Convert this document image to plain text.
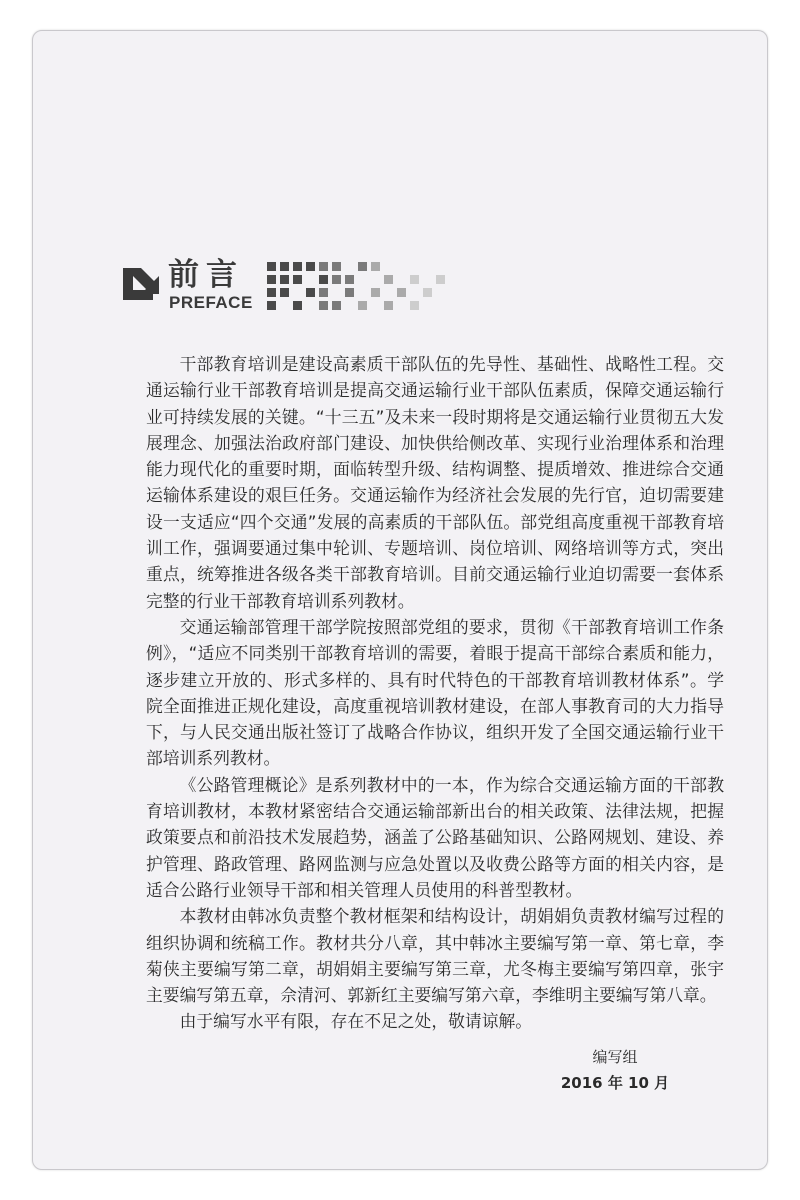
前言
PREFACE

干部教育培训是建设高素质干部队伍的先导性、基础性、战略性工程。交通运输行业干部教育培训是提高交通运输行业干部队伍素质，保障交通运输行业可持续发展的关键。“十三五”及未来一段时期将是交通运输行业贯彻五大发展理念、加强法治政府部门建设、加快供给侧改革、实现行业治理体系和治理能力现代化的重要时期，面临转型升级、结构调整、提质增效、推进综合交通运输体系建设的艰巨任务。交通运输作为经济社会发展的先行官，迫切需要建设一支适应“四个交通”发展的高素质的干部队伍。部党组高度重视干部教育培训工作，强调要通过集中轮训、专题培训、岗位培训、网络培训等方式，突出重点，统筹推进各级各类干部教育培训。目前交通运输行业迫切需要一套体系完整的行业干部教育培训系列教材。

交通运输部管理干部学院按照部党组的要求，贯彻《干部教育培训工作条例》，“适应不同类别干部教育培训的需要，着眼于提高干部综合素质和能力，逐步建立开放的、形式多样的、具有时代特色的干部教育培训教材体系”。学院全面推进正规化建设，高度重视培训教材建设，在部人事教育司的大力指导下，与人民交通出版社签订了战略合作协议，组织开发了全国交通运输行业干部培训系列教材。

《公路管理概论》是系列教材中的一本，作为综合交通运输方面的干部教育培训教材，本教材紧密结合交通运输部新出台的相关政策、法律法规，把握政策要点和前沿技术发展趋势，涵盖了公路基础知识、公路网规划、建设、养护管理、路政管理、路网监测与应急处置以及收费公路等方面的相关内容，是适合公路行业领导干部和相关管理人员使用的科普型教材。

本教材由韩冰负责整个教材框架和结构设计，胡娟娟负责教材编写过程的组织协调和统稿工作。教材共分八章，其中韩冰主要编写第一章、第七章，李菊侠主要编写第二章，胡娟娟主要编写第三章，尤冬梅主要编写第四章，张宇主要编写第五章，佘清河、郭新红主要编写第六章，李维明主要编写第八章。

由于编写水平有限，存在不足之处，敬请谅解。

编写组
2016 年 10 月
